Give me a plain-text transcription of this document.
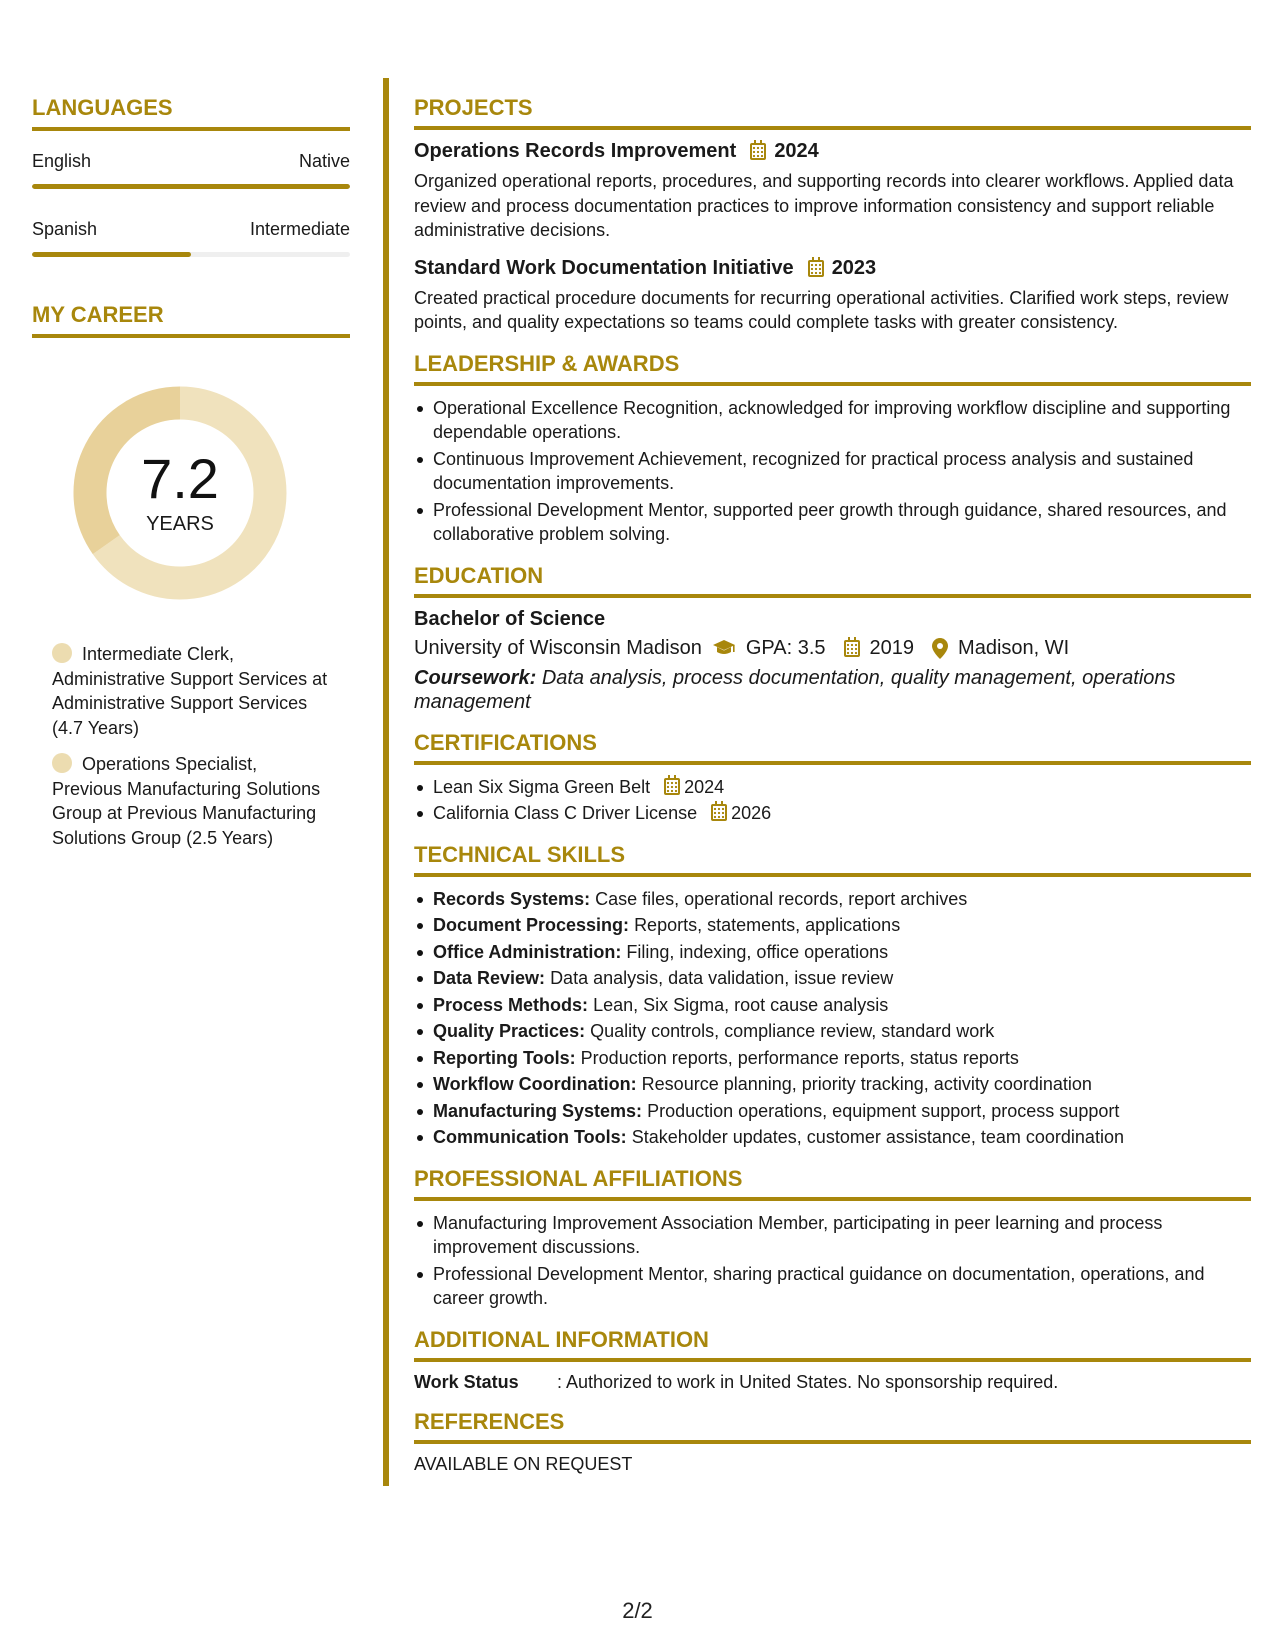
LANGUAGES
English	Native
Spanish	Intermediate
MY CAREER
7.2
YEARS
Intermediate Clerk, Administrative Support Services at Administrative Support Services (4.7 Years)
Operations Specialist, Previous Manufacturing Solutions Group at Previous Manufacturing Solutions Group (2.5 Years)
PROJECTS
Operations Records Improvement 2024
Organized operational reports, procedures, and supporting records into clearer workflows. Applied data review and process documentation practices to improve information consistency and support reliable administrative decisions.
Standard Work Documentation Initiative 2023
Created practical procedure documents for recurring operational activities. Clarified work steps, review points, and quality expectations so teams could complete tasks with greater consistency.
LEADERSHIP & AWARDS
Operational Excellence Recognition, acknowledged for improving workflow discipline and supporting dependable operations.
Continuous Improvement Achievement, recognized for practical process analysis and sustained documentation improvements.
Professional Development Mentor, supported peer growth through guidance, shared resources, and collaborative problem solving.
EDUCATION
Bachelor of Science
University of Wisconsin Madison GPA: 3.5 2019 Madison, WI
Coursework: Data analysis, process documentation, quality management, operations management
CERTIFICATIONS
Lean Six Sigma Green Belt 2024
California Class C Driver License 2026
TECHNICAL SKILLS
Records Systems: Case files, operational records, report archives
Document Processing: Reports, statements, applications
Office Administration: Filing, indexing, office operations
Data Review: Data analysis, data validation, issue review
Process Methods: Lean, Six Sigma, root cause analysis
Quality Practices: Quality controls, compliance review, standard work
Reporting Tools: Production reports, performance reports, status reports
Workflow Coordination: Resource planning, priority tracking, activity coordination
Manufacturing Systems: Production operations, equipment support, process support
Communication Tools: Stakeholder updates, customer assistance, team coordination
PROFESSIONAL AFFILIATIONS
Manufacturing Improvement Association Member, participating in peer learning and process improvement discussions.
Professional Development Mentor, sharing practical guidance on documentation, operations, and career growth.
ADDITIONAL INFORMATION
Work Status	: Authorized to work in United States. No sponsorship required.
REFERENCES
AVAILABLE ON REQUEST
2/2
